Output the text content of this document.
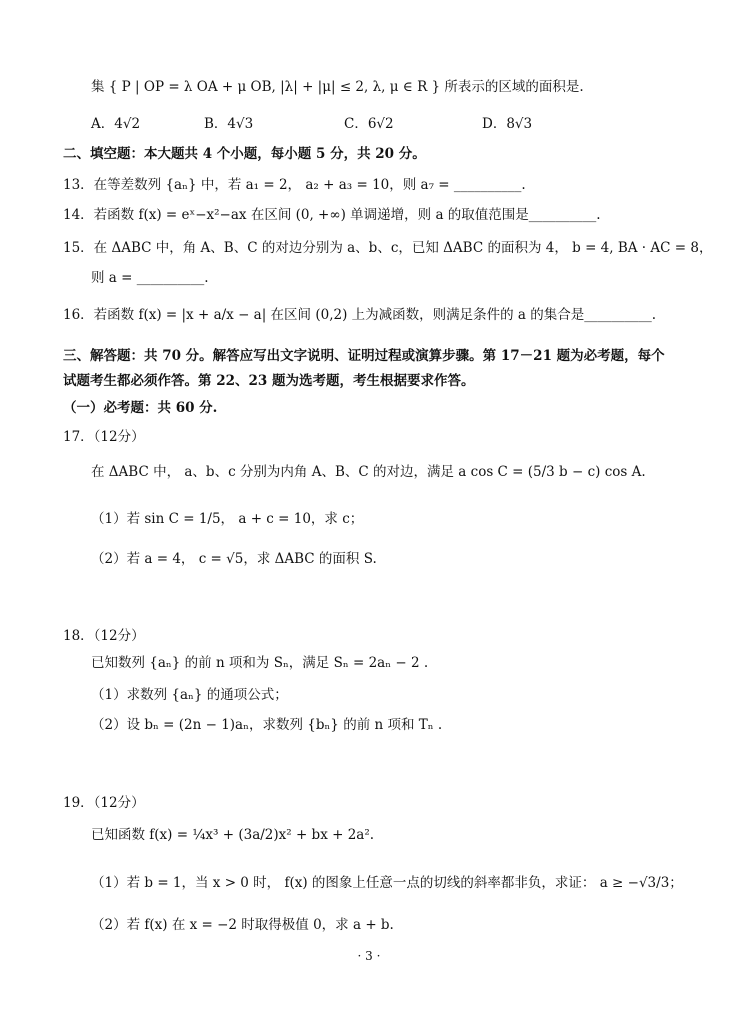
集 { P | OP = λ OA + μ OB, |λ| + |μ| ≤ 2, λ, μ ∈ R } 所表示的区域的面积是.
A．4√2	B．4√3	C．6√2	D．8√3
二、填空题：本大题共 4 个小题，每小题 5 分，共 20 分。
13．在等差数列 {aₙ} 中，若 a₁ = 2， a₂ + a₃ = 10，则 a₇ = __________.
14．若函数 f(x) = eˣ−x²−ax 在区间 (0, +∞) 单调递增，则 a 的取值范围是__________.
15．在 ΔABC 中，角 A、B、C 的对边分别为 a、b、c，已知 ΔABC 的面积为 4， b = 4, BA · AC = 8，
则 a = __________.
16．若函数 f(x) = |x + a/x − a| 在区间 (0,2) 上为减函数，则满足条件的 a 的集合是__________.
三、解答题：共 70 分。解答应写出文字说明、证明过程或演算步骤。第 17－21 题为必考题，每个
试题考生都必须作答。第 22、23 题为选考题，考生根据要求作答。
（一）必考题：共 60 分.
17．（12分）
在 ΔABC 中， a、b、c 分别为内角 A、B、C 的对边，满足 a cos C = (5/3 b − c) cos A.
（1）若 sin C = 1/5， a + c = 10，求 c；
（2）若 a = 4， c = √5，求 ΔABC 的面积 S.
18．（12分）
已知数列 {aₙ} 的前 n 项和为 Sₙ，满足 Sₙ = 2aₙ − 2 .
（1）求数列 {aₙ} 的通项公式；
（2）设 bₙ = (2n − 1)aₙ，求数列 {bₙ} 的前 n 项和 Tₙ .
19．（12分）
已知函数 f(x) = ¼x³ + (3a/2)x² + bx + 2a².
（1）若 b = 1，当 x > 0 时， f(x) 的图象上任意一点的切线的斜率都非负，求证： a ≥ −√3/3；
（2）若 f(x) 在 x = −2 时取得极值 0，求 a + b.
· 3 ·
